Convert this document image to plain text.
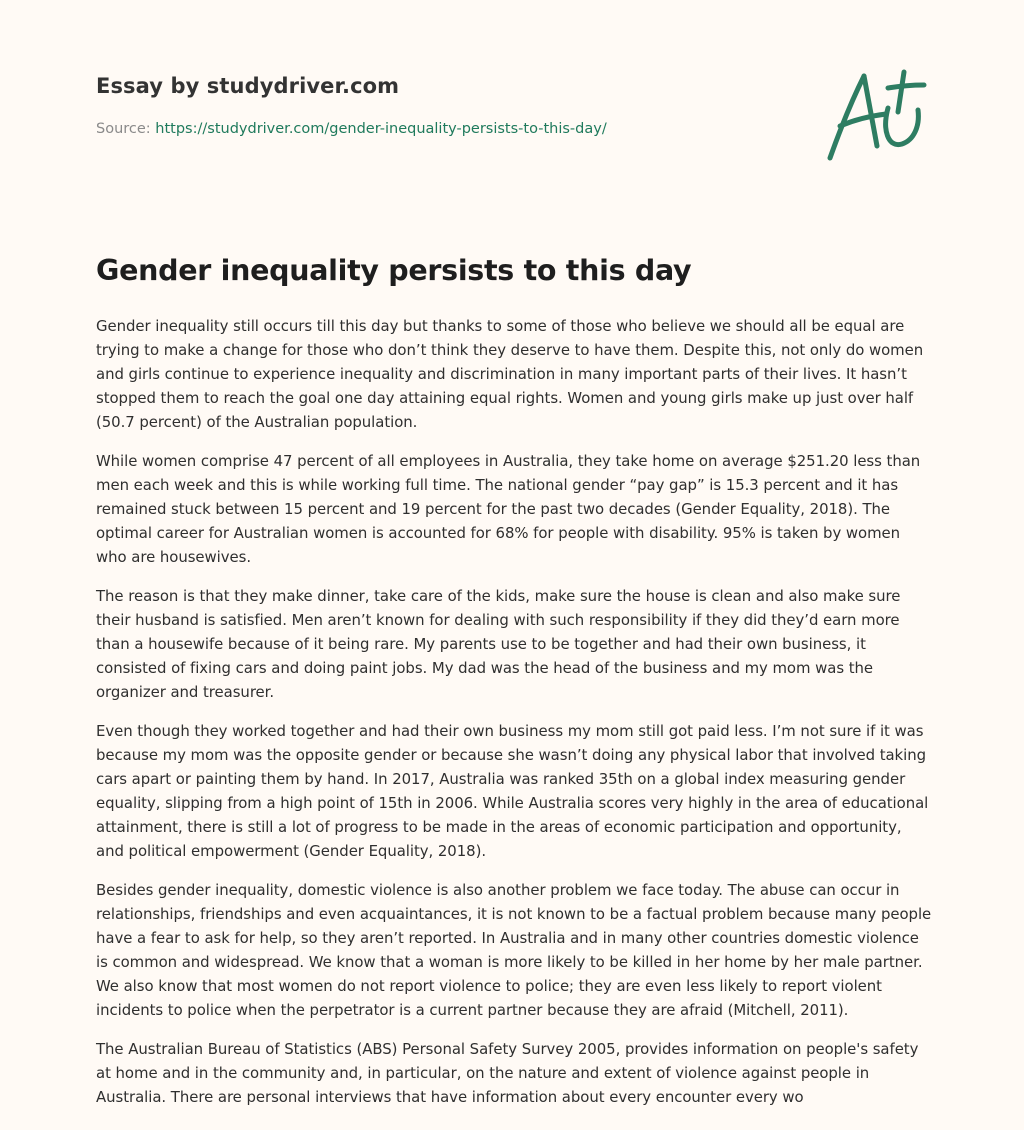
Essay by studydriver.com
Source: https://studydriver.com/gender-inequality-persists-to-this-day/
Gender inequality persists to this day

Gender inequality still occurs till this day but thanks to some of those who believe we should all be equal are trying to make a change for those who don’t think they deserve to have them. Despite this, not only do women and girls continue to experience inequality and discrimination in many important parts of their lives. It hasn’t stopped them to reach the goal one day attaining equal rights. Women and young girls make up just over half (50.7 percent) of the Australian population.

While women comprise 47 percent of all employees in Australia, they take home on average $251.20 less than men each week and this is while working full time. The national gender “pay gap” is 15.3 percent and it has remained stuck between 15 percent and 19 percent for the past two decades (Gender Equality, 2018). The optimal career for Australian women is accounted for 68% for people with disability. 95% is taken by women who are housewives.

The reason is that they make dinner, take care of the kids, make sure the house is clean and also make sure their husband is satisfied. Men aren’t known for dealing with such responsibility if they did they’d earn more than a housewife because of it being rare. My parents use to be together and had their own business, it consisted of fixing cars and doing paint jobs. My dad was the head of the business and my mom was the organizer and treasurer.

Even though they worked together and had their own business my mom still got paid less. I’m not sure if it was because my mom was the opposite gender or because she wasn’t doing any physical labor that involved taking cars apart or painting them by hand. In 2017, Australia was ranked 35th on a global index measuring gender equality, slipping from a high point of 15th in 2006. While Australia scores very highly in the area of educational attainment, there is still a lot of progress to be made in the areas of economic participation and opportunity, and political empowerment (Gender Equality, 2018).

Besides gender inequality, domestic violence is also another problem we face today. The abuse can occur in relationships, friendships and even acquaintances, it is not known to be a factual problem because many people have a fear to ask for help, so they aren’t reported. In Australia and in many other countries domestic violence is common and widespread. We know that a woman is more likely to be killed in her home by her male partner. We also know that most women do not report violence to police; they are even less likely to report violent incidents to police when the perpetrator is a current partner because they are afraid (Mitchell, 2011).

The Australian Bureau of Statistics (ABS) Personal Safety Survey 2005, provides information on people's safety at home and in the community and, in particular, on the nature and extent of violence against people in Australia. There are personal interviews that have information about every encounter every wo
